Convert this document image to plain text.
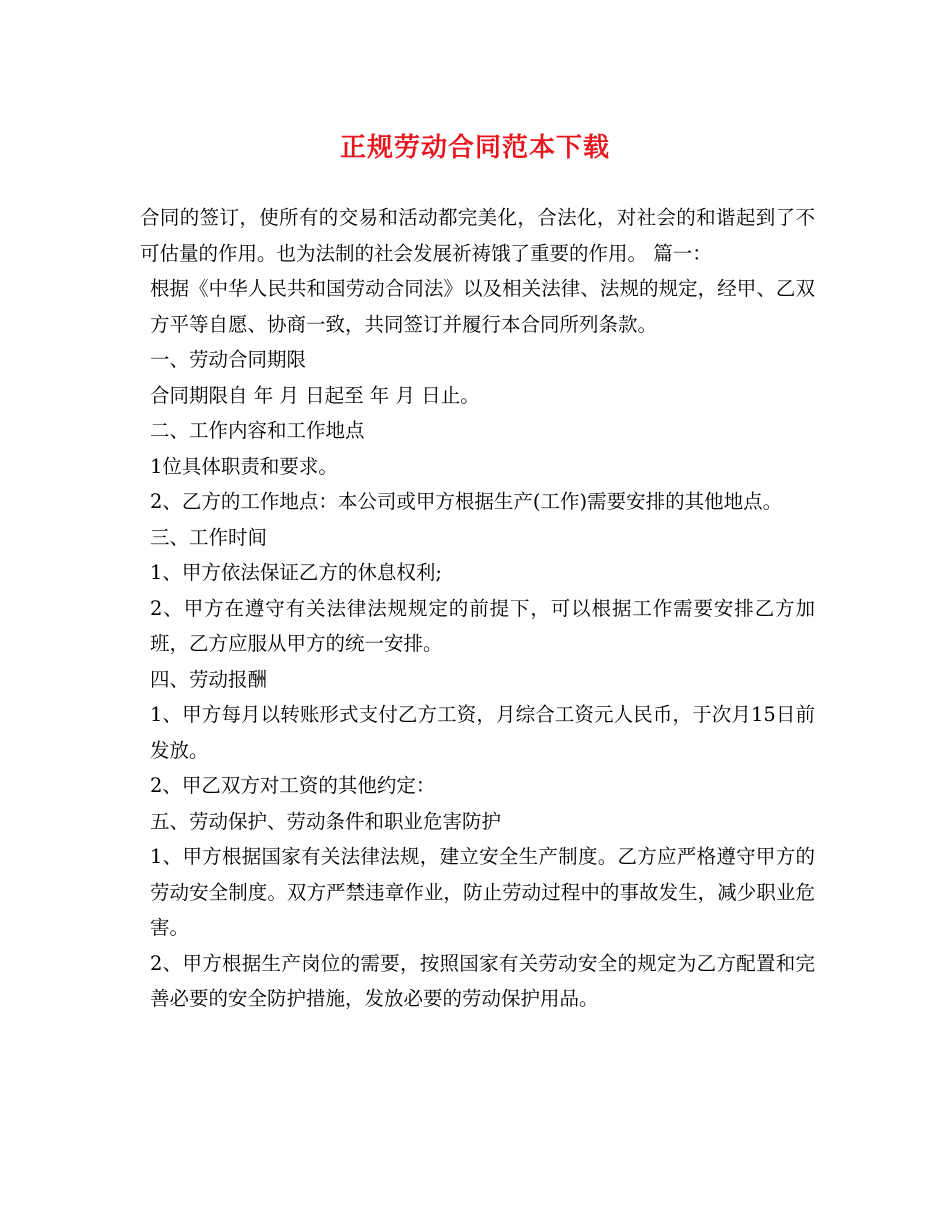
正规劳动合同范本下载

合同的签订，使所有的交易和活动都完美化，合法化，对社会的和谐起到了不可估量的作用。也为法制的社会发展祈祷饿了重要的作用。 篇一：

根据《中华人民共和国劳动合同法》以及相关法律、法规的规定，经甲、乙双方平等自愿、协商一致，共同签订并履行本合同所列条款。

一、劳动合同期限

合同期限自 年 月 日起至 年 月 日止。

二、工作内容和工作地点

1位具体职责和要求。

2、乙方的工作地点：本公司或甲方根据生产(工作)需要安排的其他地点。

三、工作时间

1、甲方依法保证乙方的休息权利;

2、甲方在遵守有关法律法规规定的前提下，可以根据工作需要安排乙方加班，乙方应服从甲方的统一安排。

四、劳动报酬

1、甲方每月以转账形式支付乙方工资，月综合工资元人民币，于次月15日前发放。

2、甲乙双方对工资的其他约定：

五、劳动保护、劳动条件和职业危害防护

1、甲方根据国家有关法律法规，建立安全生产制度。乙方应严格遵守甲方的劳动安全制度。双方严禁违章作业，防止劳动过程中的事故发生，减少职业危害。

2、甲方根据生产岗位的需要，按照国家有关劳动安全的规定为乙方配置和完善必要的安全防护措施，发放必要的劳动保护用品。
